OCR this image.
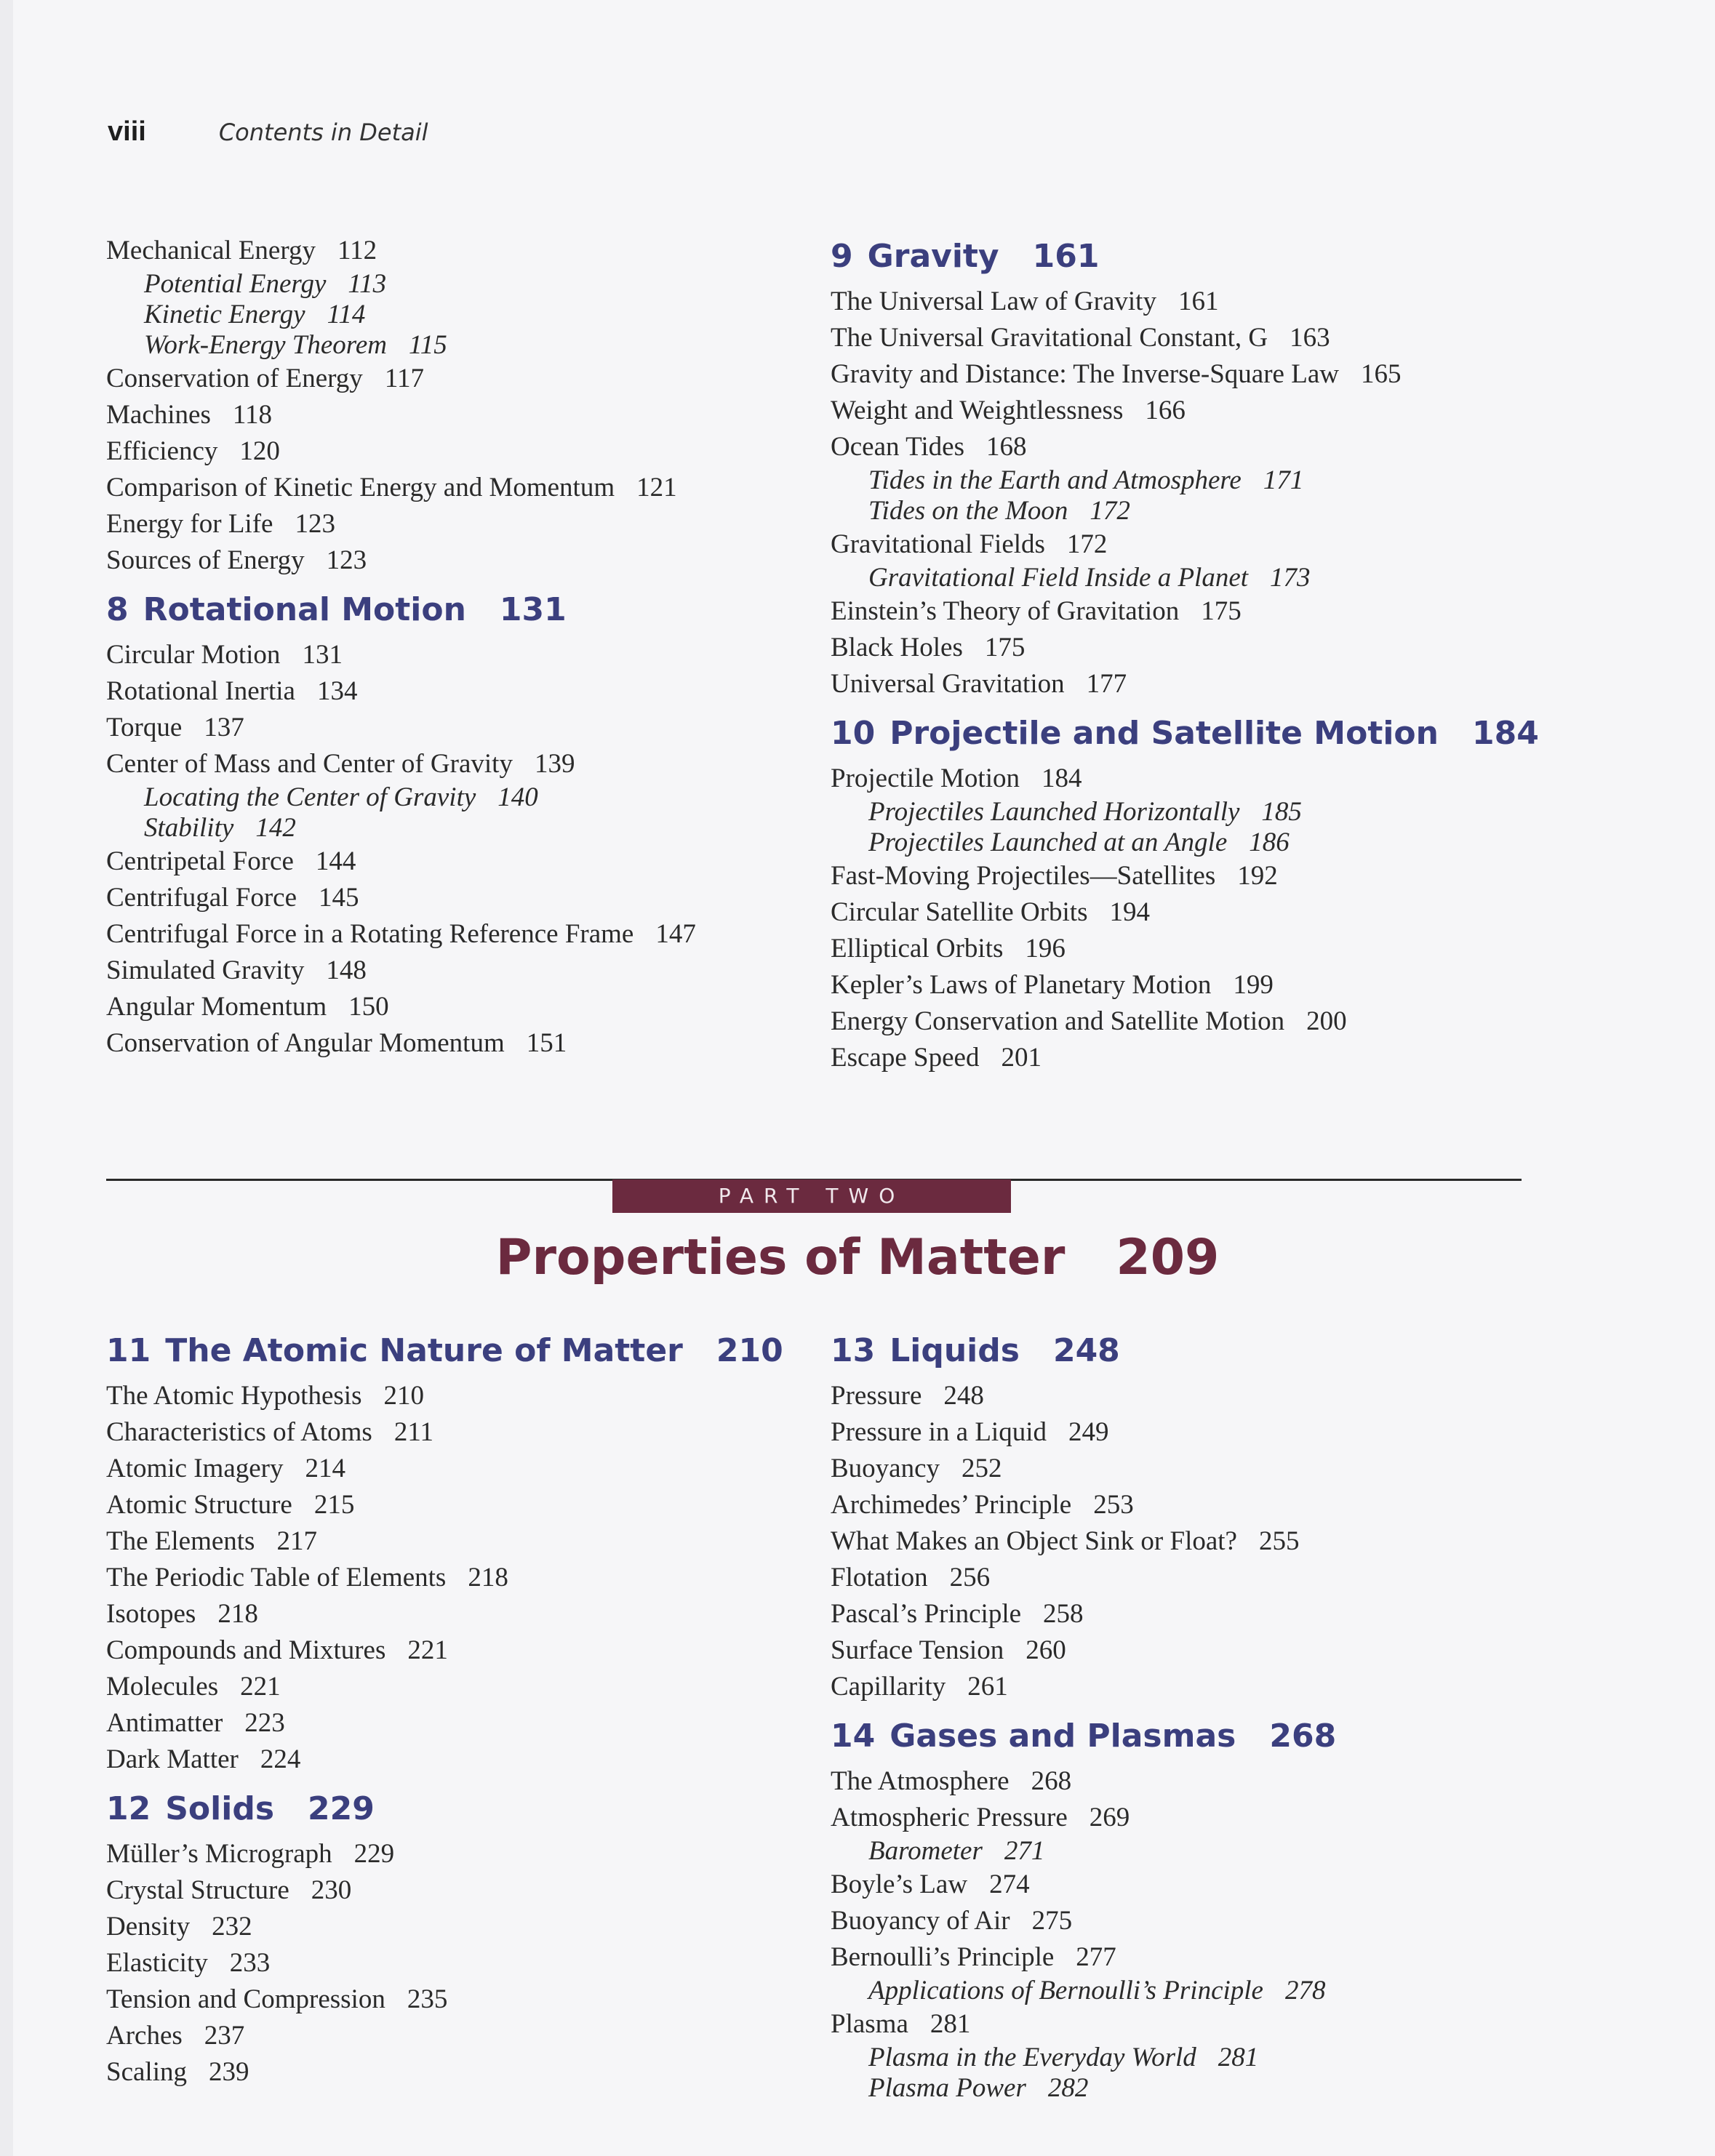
viii	Contents in Detail
Mechanical Energy 112
Potential Energy 113
Kinetic Energy 114
Work-Energy Theorem 115
Conservation of Energy 117
Machines 118
Efficiency 120
Comparison of Kinetic Energy and Momentum 121
Energy for Life 123
Sources of Energy 123
8 Rotational Motion 131
Circular Motion 131
Rotational Inertia 134
Torque 137
Center of Mass and Center of Gravity 139
Locating the Center of Gravity 140
Stability 142
Centripetal Force 144
Centrifugal Force 145
Centrifugal Force in a Rotating Reference Frame 147
Simulated Gravity 148
Angular Momentum 150
Conservation of Angular Momentum 151
9 Gravity 161
The Universal Law of Gravity 161
The Universal Gravitational Constant, G 163
Gravity and Distance: The Inverse-Square Law 165
Weight and Weightlessness 166
Ocean Tides 168
Tides in the Earth and Atmosphere 171
Tides on the Moon 172
Gravitational Fields 172
Gravitational Field Inside a Planet 173
Einstein’s Theory of Gravitation 175
Black Holes 175
Universal Gravitation 177
10 Projectile and Satellite Motion 184
Projectile Motion 184
Projectiles Launched Horizontally 185
Projectiles Launched at an Angle 186
Fast-Moving Projectiles—Satellites 192
Circular Satellite Orbits 194
Elliptical Orbits 196
Kepler’s Laws of Planetary Motion 199
Energy Conservation and Satellite Motion 200
Escape Speed 201
PART TWO
Properties of Matter 209
11 The Atomic Nature of Matter 210
The Atomic Hypothesis 210
Characteristics of Atoms 211
Atomic Imagery 214
Atomic Structure 215
The Elements 217
The Periodic Table of Elements 218
Isotopes 218
Compounds and Mixtures 221
Molecules 221
Antimatter 223
Dark Matter 224
12 Solids 229
Müller’s Micrograph 229
Crystal Structure 230
Density 232
Elasticity 233
Tension and Compression 235
Arches 237
Scaling 239
13 Liquids 248
Pressure 248
Pressure in a Liquid 249
Buoyancy 252
Archimedes’ Principle 253
What Makes an Object Sink or Float? 255
Flotation 256
Pascal’s Principle 258
Surface Tension 260
Capillarity 261
14 Gases and Plasmas 268
The Atmosphere 268
Atmospheric Pressure 269
Barometer 271
Boyle’s Law 274
Buoyancy of Air 275
Bernoulli’s Principle 277
Applications of Bernoulli’s Principle 278
Plasma 281
Plasma in the Everyday World 281
Plasma Power 282
